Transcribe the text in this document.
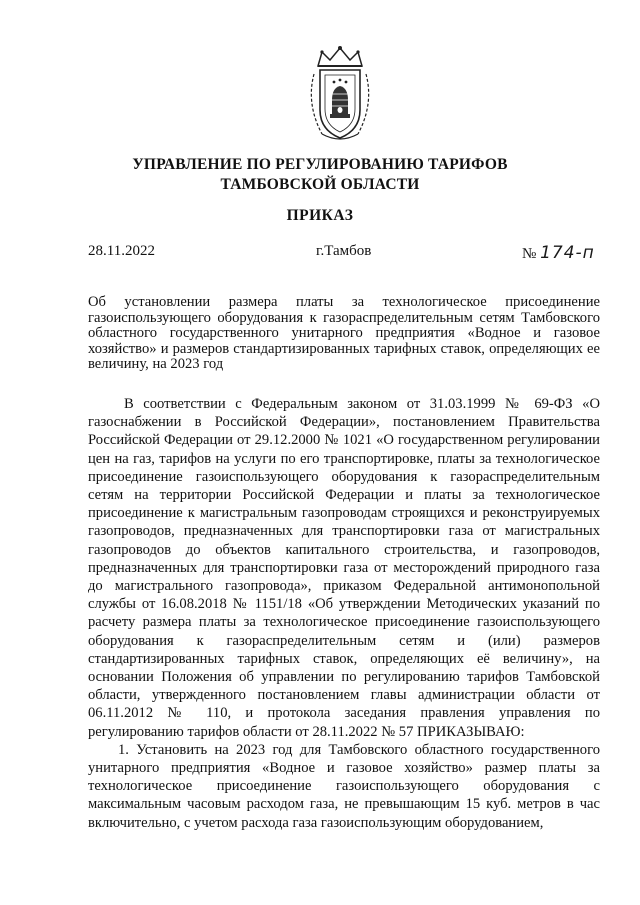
УПРАВЛЕНИЕ ПО РЕГУЛИРОВАНИЮ ТАРИФОВ
ТАМБОВСКОЙ ОБЛАСТИ
ПРИКАЗ
28.11.2022	г.Тамбов	№ 174-п
Об установлении размера платы за технологическое присоединение газоиспользующего оборудования к газораспределительным сетям Тамбовского областного государственного унитарного предприятия «Водное и газовое хозяйство» и размеров стандартизированных тарифных ставок, определяющих ее величину, на 2023 год

В соответствии с Федеральным законом от 31.03.1999 № 69-ФЗ «О газоснабжении в Российской Федерации», постановлением Правительства Российской Федерации от 29.12.2000 № 1021 «О государственном регулировании цен на газ, тарифов на услуги по его транспортировке, платы за технологическое присоединение газоиспользующего оборудования к газораспределительным сетям на территории Российской Федерации и платы за технологическое присоединение к магистральным газопроводам строящихся и реконструируемых газопроводов, предназначенных для транспортировки газа от магистральных газопроводов до объектов капитального строительства, и газопроводов, предназначенных для транспортировки газа от месторождений природного газа до магистрального газопровода», приказом Федеральной антимонопольной службы от 16.08.2018 № 1151/18 «Об утверждении Методических указаний по расчету размера платы за технологическое присоединение газоиспользующего оборудования к газораспределительным сетям и (или) размеров стандартизированных тарифных ставок, определяющих её величину», на основании Положения об управлении по регулированию тарифов Тамбовской области, утвержденного постановлением главы администрации области от 06.11.2012 № 110, и протокола заседания правления управления по регулированию тарифов области от 28.11.2022 № 57 ПРИКАЗЫВАЮ:

1. Установить на 2023 год для Тамбовского областного государственного унитарного предприятия «Водное и газовое хозяйство» размер платы за технологическое присоединение газоиспользующего оборудования с максимальным часовым расходом газа, не превышающим 15 куб. метров в час включительно, с учетом расхода газа газоиспользующим оборудованием,
